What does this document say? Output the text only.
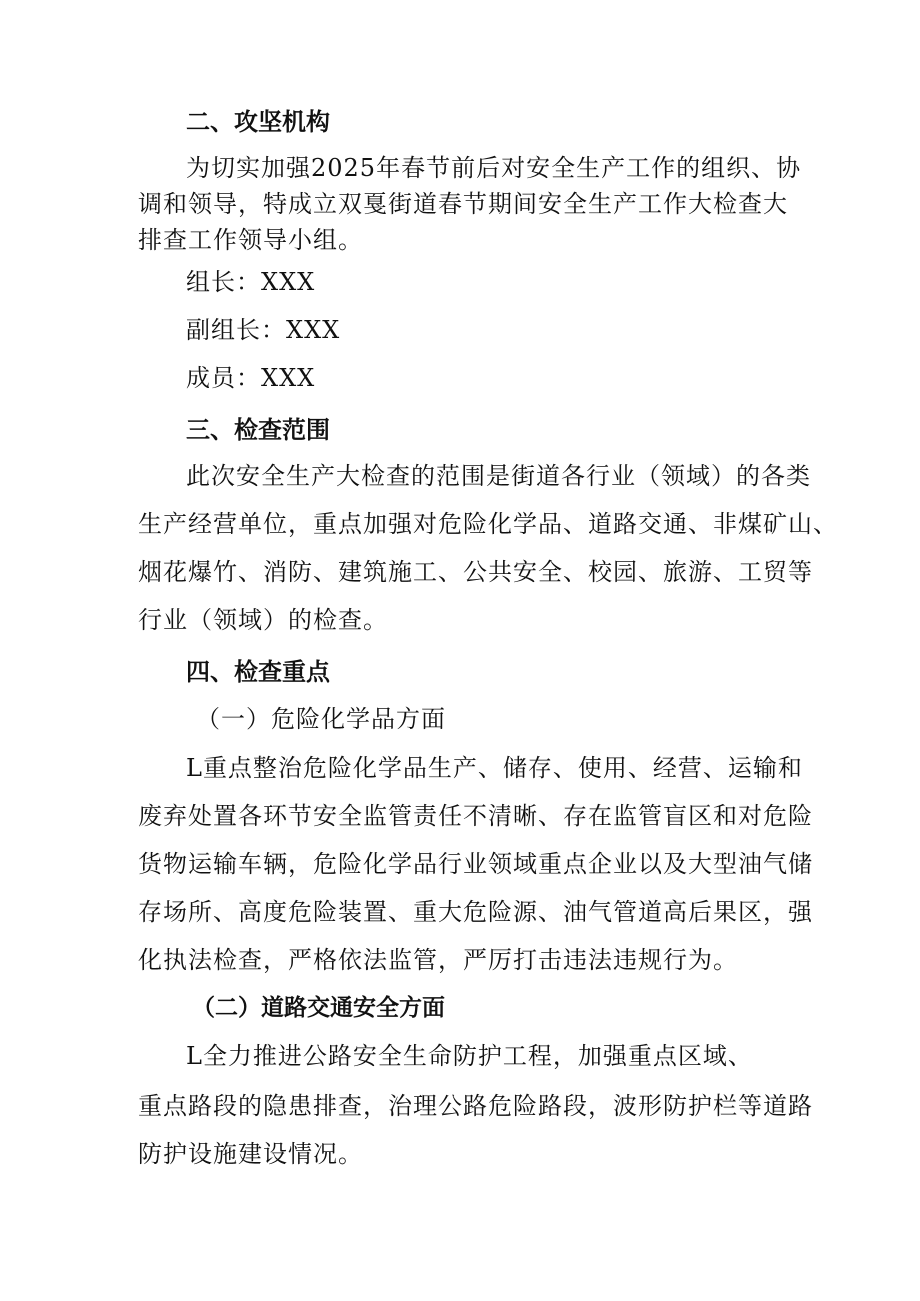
二、攻坚机构

为切实加强2025年春节前后对安全生产工作的组织、协

调和领导，特成立双戛街道春节期间安全生产工作大检查大

排查工作领导小组。

组长：XXX

副组长：XXX

成员：XXX

三、检查范围

此次安全生产大检查的范围是街道各行业（领域）的各类

生产经营单位，重点加强对危险化学品、道路交通、非煤矿山、

烟花爆竹、消防、建筑施工、公共安全、校园、旅游、工贸等

行业（领域）的检查。

四、检查重点

（一）危险化学品方面

L重点整治危险化学品生产、储存、使用、经营、运输和

废弃处置各环节安全监管责任不清晰、存在监管盲区和对危险

货物运输车辆，危险化学品行业领域重点企业以及大型油气储

存场所、高度危险装置、重大危险源、油气管道高后果区，强

化执法检查，严格依法监管，严厉打击违法违规行为。

（二）道路交通安全方面

L全力推进公路安全生命防护工程，加强重点区域、

重点路段的隐患排查，治理公路危险路段，波形防护栏等道路

防护设施建设情况。
